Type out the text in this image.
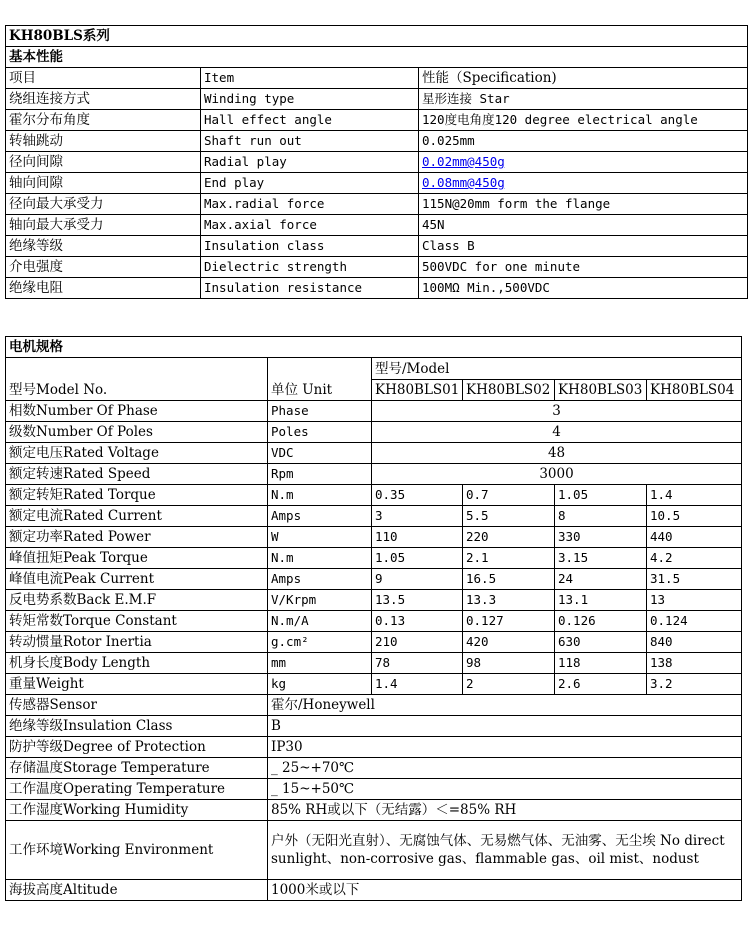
KH80BLS系列		
基本性能		
项目	Item	性能（Specification)
绕组连接方式	Winding type	星形连接 Star
霍尔分布角度	Hall effect angle	120度电角度120 degree electrical angle
转轴跳动	Shaft run out	0.025mm
径向间隙	Radial play	0.02mm@450g
轴向间隙	End play	0.08mm@450g
径向最大承受力	Max.radial force	115N@20mm form the flange
轴向最大承受力	Max.axial force	45N
绝缘等级	Insulation class	Class B
介电强度	Dielectric strength	500VDC for one minute
绝缘电阻	Insulation resistance	100MΩ Min.,500VDC
电机规格					
型号Model No.	单位 Unit	型号/Model			
		KH80BLS01	KH80BLS02	KH80BLS03	KH80BLS04
相数Number Of Phase	Phase	3			
级数Number Of Poles	Poles	4			
额定电压Rated Voltage	VDC	48			
额定转速Rated Speed	Rpm	3000			
额定转矩Rated Torque	N.m	0.35	0.7	1.05	1.4
额定电流Rated Current	Amps	3	5.5	8	10.5
额定功率Rated Power	W	110	220	330	440
峰值扭矩Peak Torque	N.m	1.05	2.1	3.15	4.2
峰值电流Peak Current	Amps	9	16.5	24	31.5
反电势系数Back E.M.F	V/Krpm	13.5	13.3	13.1	13
转矩常数Torque Constant	N.m/A	0.13	0.127	0.126	0.124
转动惯量Rotor Inertia	g.cm²	210	420	630	840
机身长度Body Length	mm	78	98	118	138
重量Weight	kg	1.4	2	2.6	3.2
传感器Sensor	霍尔/Honeywell				
绝缘等级Insulation Class	B				
防护等级Degree of Protection	IP30				
存储温度Storage Temperature	_ 25~+70℃				
工作温度Operating Temperature	_ 15~+50℃				
工作湿度Working Humidity	85% RH或以下（无结露）＜=85% RH				
工作环境Working Environment	户外（无阳光直射）、无腐蚀气体、无易燃气体、无油雾、无尘埃 No direct sunlight、non-corrosive gas、flammable gas、oil mist、nodust				
海拔高度Altitude	1000米或以下				
